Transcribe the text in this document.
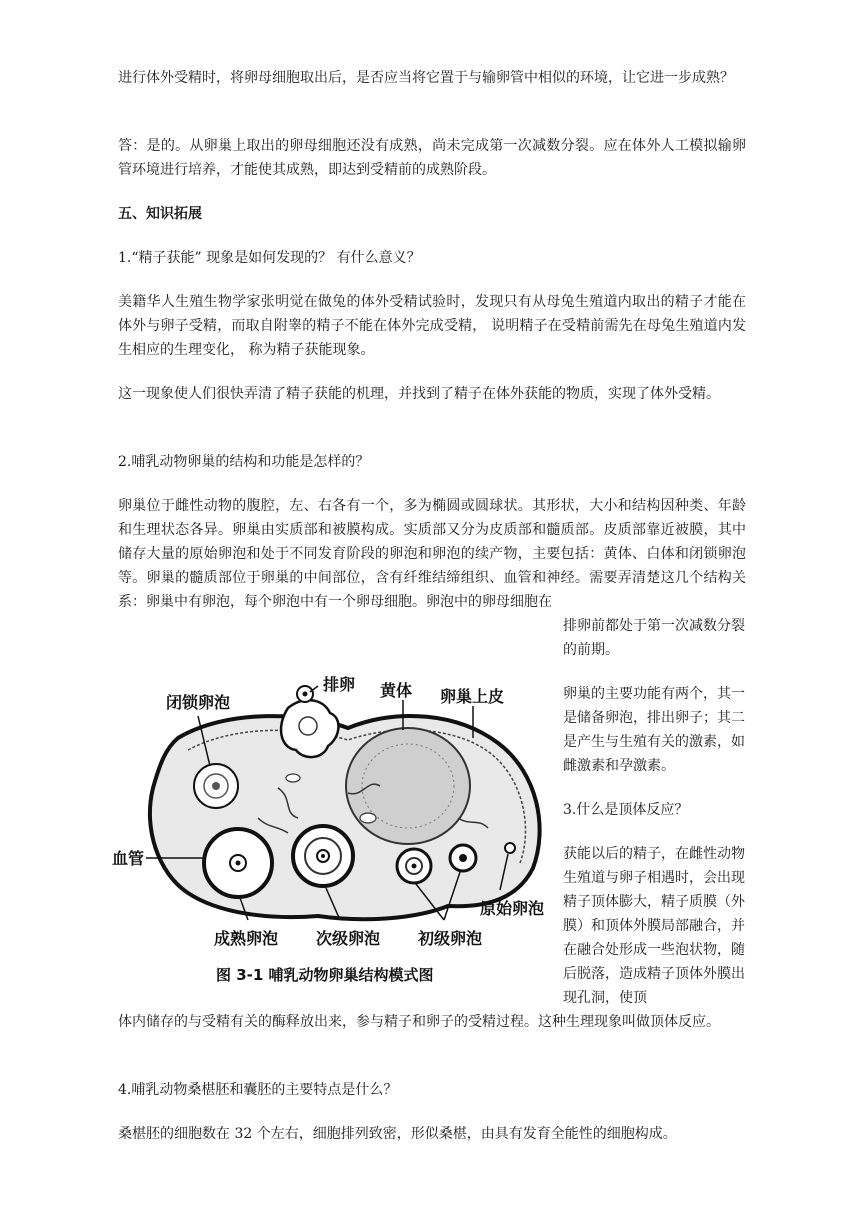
进行体外受精时，将卵母细胞取出后，是否应当将它置于与输卵管中相似的环境，让它进一步成熟？

答：是的。从卵巢上取出的卵母细胞还没有成熟，尚未完成第一次减数分裂。应在体外人工模拟输卵管环境进行培养，才能使其成熟，即达到受精前的成熟阶段。

五、知识拓展

1.“精子获能” 现象是如何发现的？ 有什么意义？

美籍华人生殖生物学家张明觉在做兔的体外受精试验时，发现只有从母兔生殖道内取出的精子才能在体外与卵子受精，而取自附睾的精子不能在体外完成受精， 说明精子在受精前需先在母兔生殖道内发生相应的生理变化， 称为精子获能现象。

这一现象使人们很快弄清了精子获能的机理，并找到了精子在体外获能的物质，实现了体外受精。

2.哺乳动物卵巢的结构和功能是怎样的？

卵巢位于雌性动物的腹腔，左、右各有一个，多为椭圆或圆球状。其形状，大小和结构因种类、年龄和生理状态各异。卵巢由实质部和被膜构成。实质部又分为皮质部和髓质部。皮质部靠近被膜，其中储存大量的原始卵泡和处于不同发育阶段的卵泡和卵泡的续产物，主要包括：黄体、白体和闭锁卵泡等。卵巢的髓质部位于卵巢的中间部位，含有纤维结缔组织、血管和神经。需要弄清楚这几个结构关系：卵巢中有卵泡，每个卵泡中有一个卵母细胞。卵泡中的卵母细胞在

排卵前都处于第一次减数分裂的前期。

卵巢的主要功能有两个，其一是储备卵泡，排出卵子；其二是产生与生殖有关的激素，如雌激素和孕激素。

3.什么是顶体反应？

获能以后的精子，在雌性动物生殖道与卵子相遇时，会出现精子顶体膨大，精子质膜（外膜）和顶体外膜局部融合，并在融合处形成一些泡状物，随后脱落，造成精子顶体外膜出现孔洞，使顶

体内储存的与受精有关的酶释放出来，参与精子和卵子的受精过程。这种生理现象叫做顶体反应。

4.哺乳动物桑椹胚和囊胚的主要特点是什么？

桑椹胚的细胞数在 32 个左右，细胞排列致密，形似桑椹，由具有发育全能性的细胞构成。

闭锁卵泡
排卵 黄体 卵巢上皮
血管
原始卵泡
成熟卵泡 次级卵泡 初级卵泡
图 3-1 哺乳动物卵巢结构模式图
